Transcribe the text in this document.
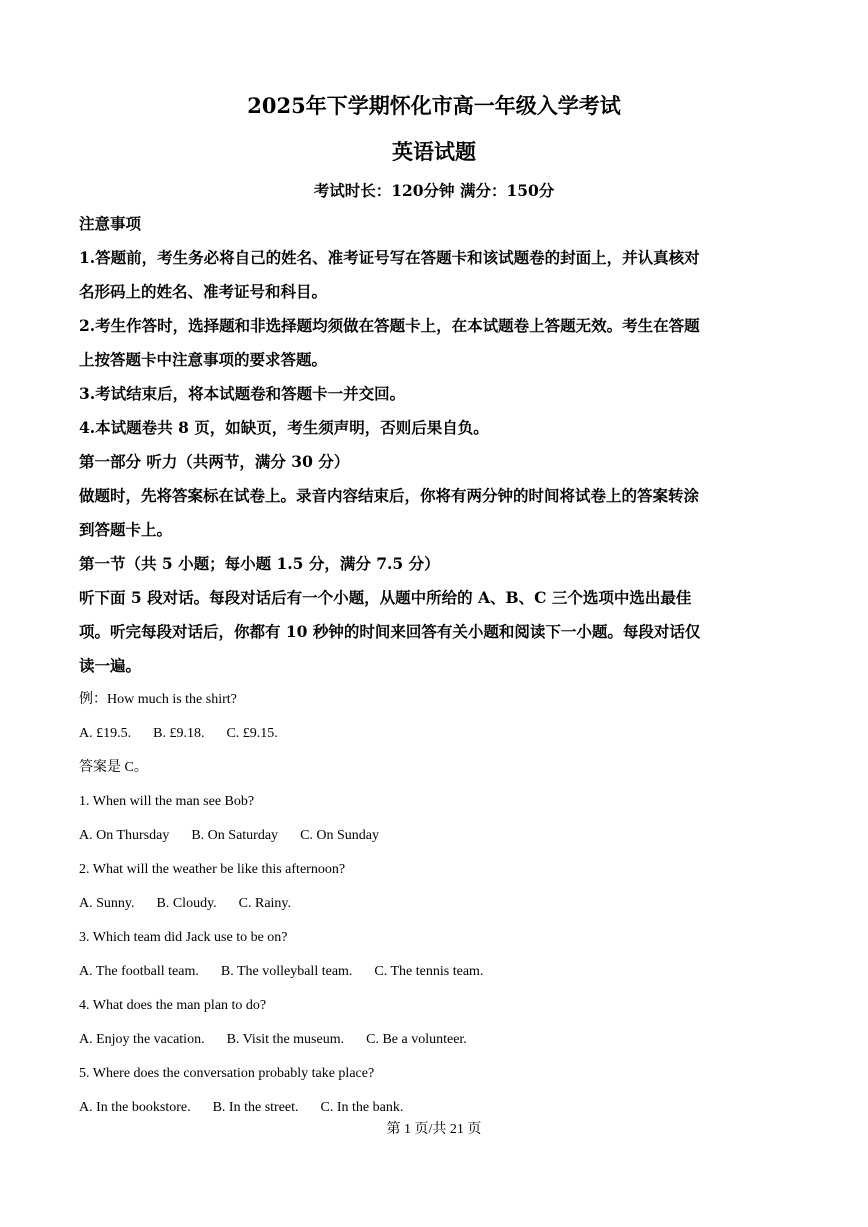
2025年下学期怀化市高一年级入学考试
英语试题
考试时长：120分钟 满分：150分

注意事项

1.答题前，考生务必将自己的姓名、准考证号写在答题卡和该试题卷的封面上，并认真核对

名形码上的姓名、准考证号和科目。

2.考生作答时，选择题和非选择题均须做在答题卡上，在本试题卷上答题无效。考生在答题

上按答题卡中注意事项的要求答题。

3.考试结束后，将本试题卷和答题卡一并交回。

4.本试题卷共 8 页，如缺页，考生须声明，否则后果自负。

第一部分 听力（共两节，满分 30 分）

做题时，先将答案标在试卷上。录音内容结束后，你将有两分钟的时间将试卷上的答案转涂

到答题卡上。

第一节（共 5 小题；每小题 1.5 分，满分 7.5 分）

听下面 5 段对话。每段对话后有一个小题，从题中所给的 A、B、C 三个选项中选出最佳

项。听完每段对话后，你都有 10 秒钟的时间来回答有关小题和阅读下一小题。每段对话仅

读一遍。

例：How much is the shirt?

A. £19.5. B. £9.18. C. £9.15.

答案是 C。

1. When will the man see Bob?

A. On Thursday B. On Saturday C. On Sunday

2. What will the weather be like this afternoon?

A. Sunny. B. Cloudy. C. Rainy.

3. Which team did Jack use to be on?

A. The football team. B. The volleyball team. C. The tennis team.

4. What does the man plan to do?

A. Enjoy the vacation. B. Visit the museum. C. Be a volunteer.

5. Where does the conversation probably take place?

A. In the bookstore. B. In the street. C. In the bank.

第 1 页/共 21 页
